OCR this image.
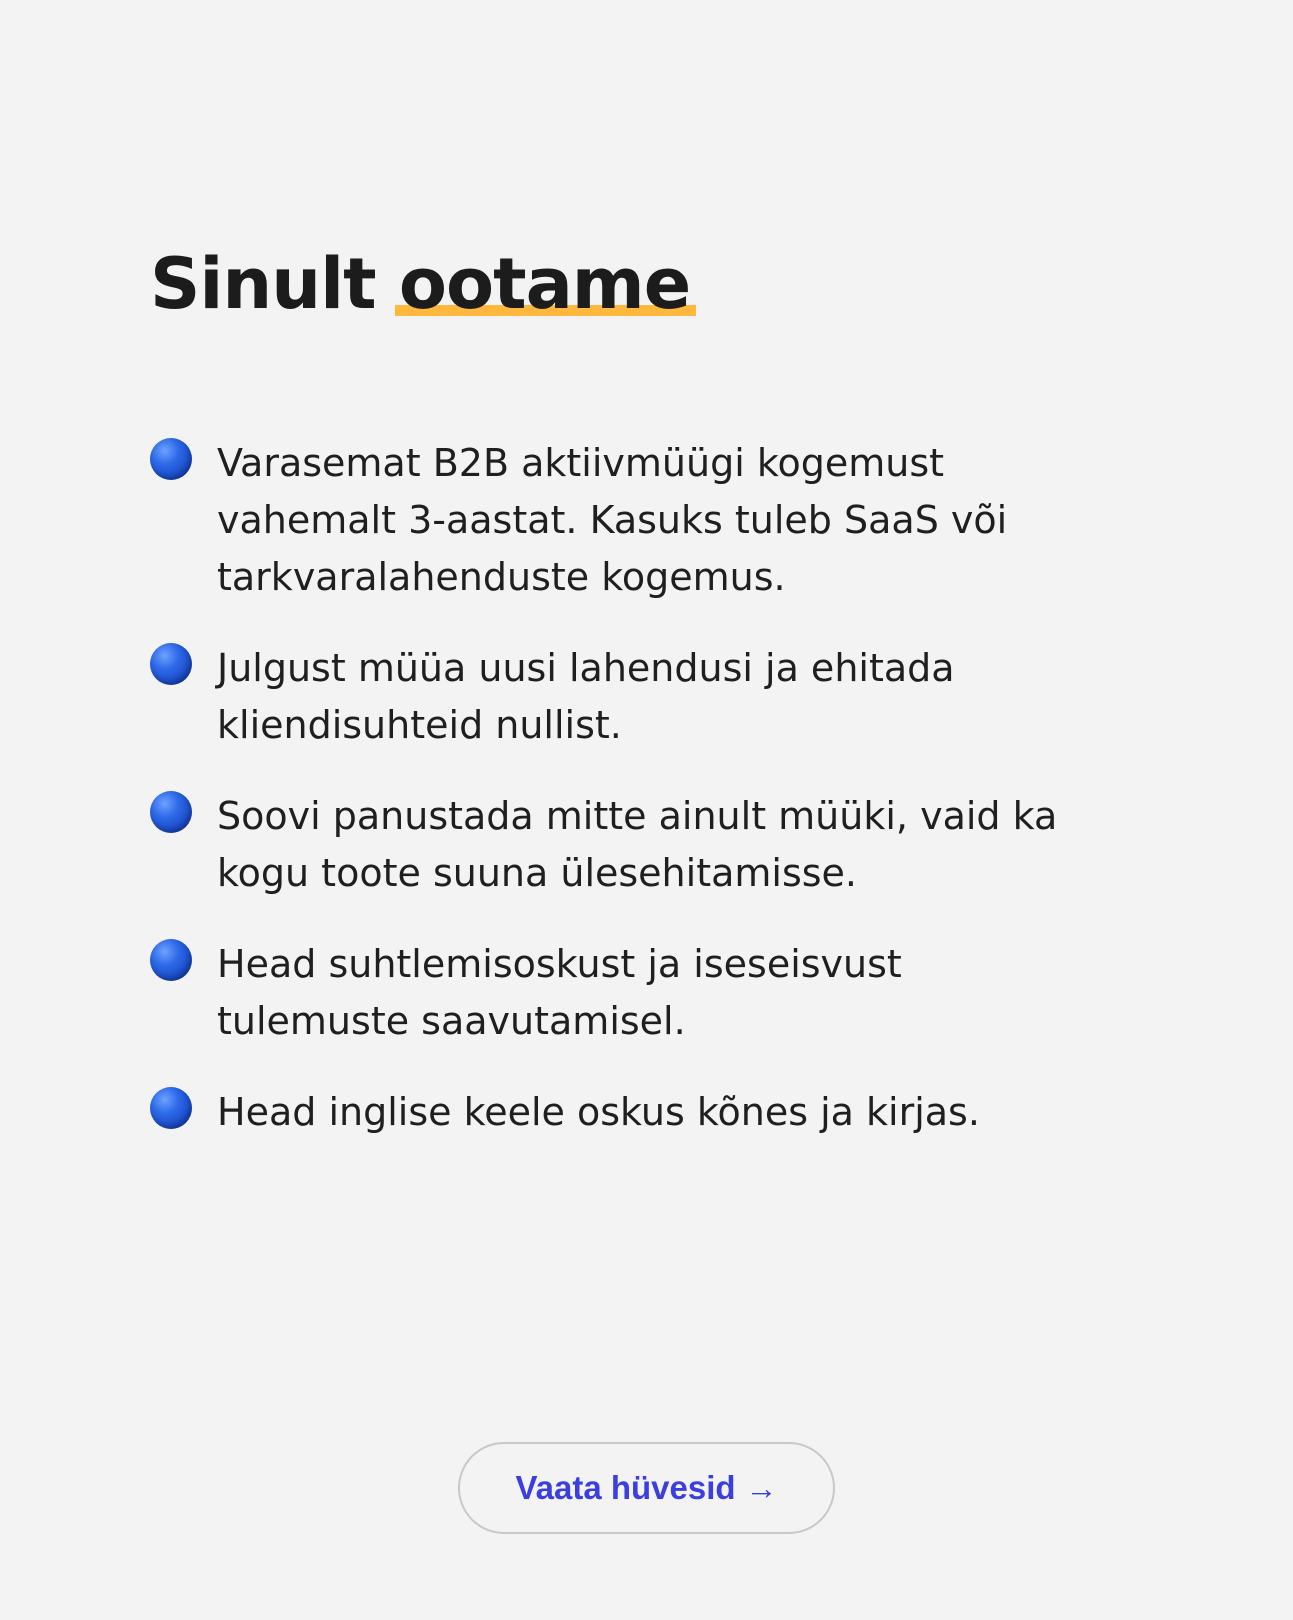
Sinult ootame
Varasemat B2B aktiivmüügi kogemust vahemalt 3-aastat. Kasuks tuleb SaaS või tarkvaralahenduste kogemus.
Julgust müüa uusi lahendusi ja ehitada kliendisuhteid nullist.
Soovi panustada mitte ainult müüki, vaid ka kogu toote suuna ülesehitamisse.
Head suhtlemisoskust ja iseseisvust tulemuste saavutamisel.
Head inglise keele oskus kõnes ja kirjas.
Vaata hüvesid →
